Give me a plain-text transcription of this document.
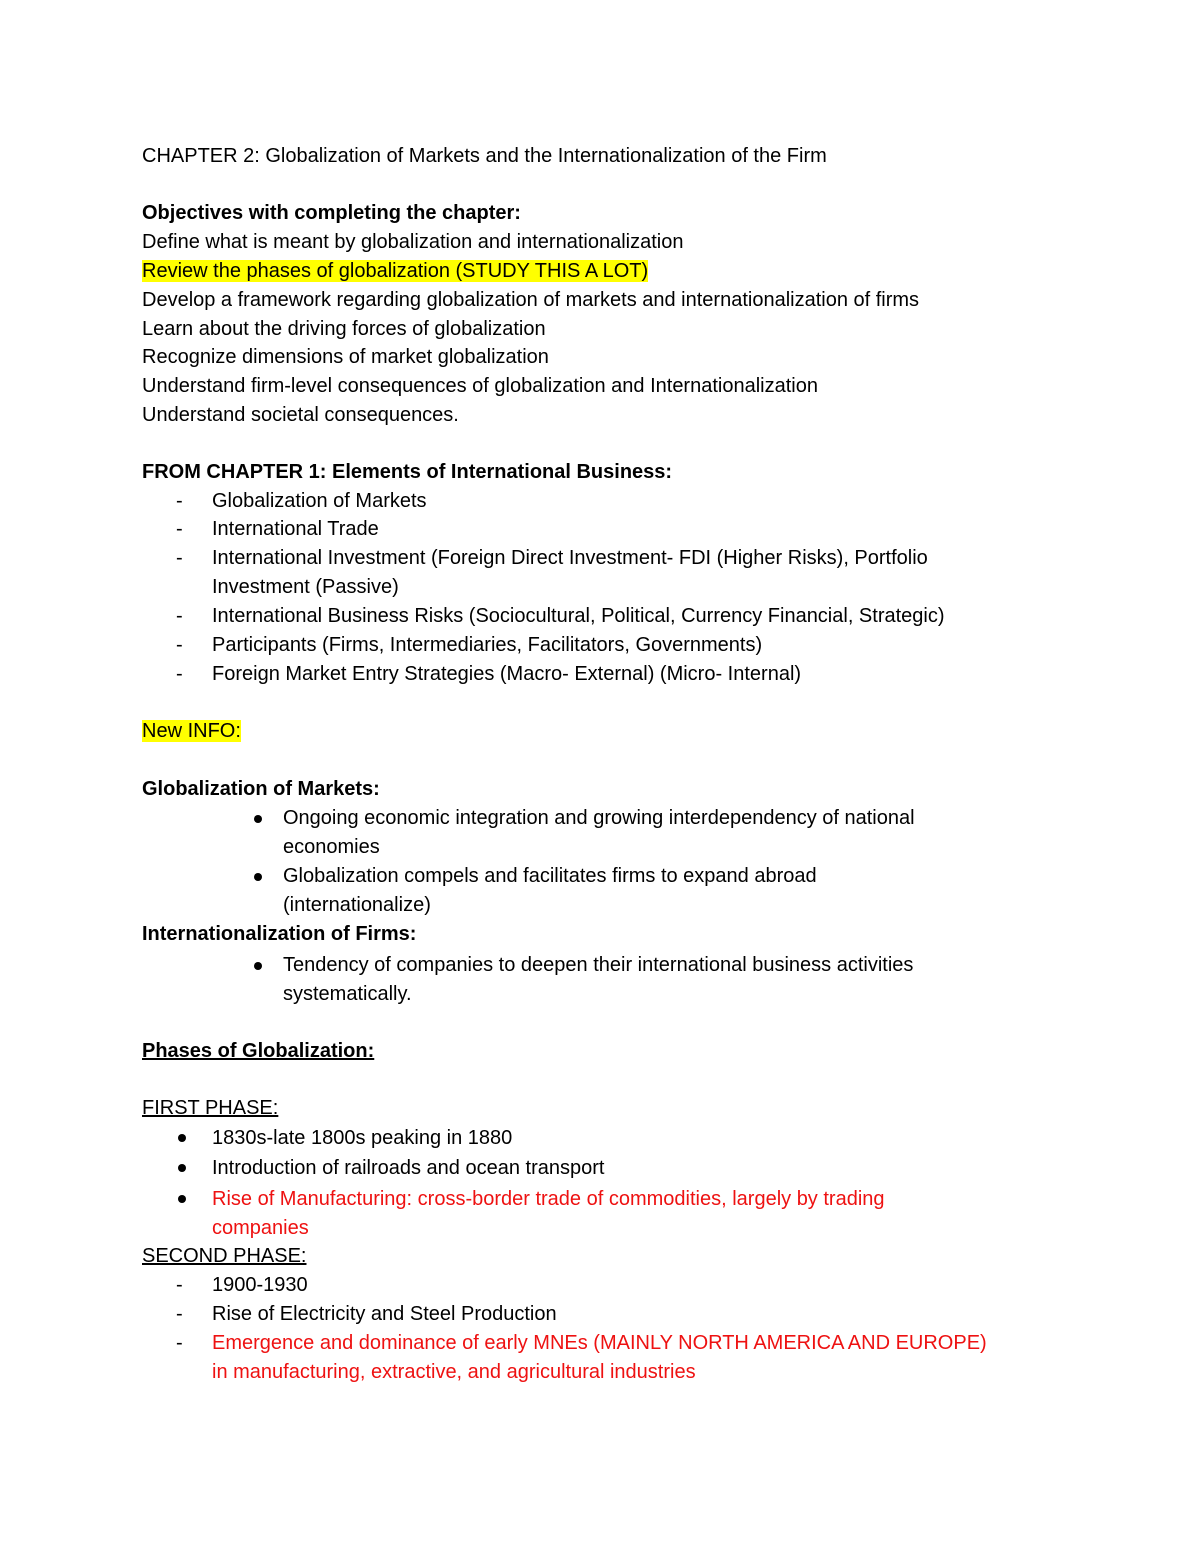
CHAPTER 2: Globalization of Markets and the Internationalization of the Firm
Objectives with completing the chapter:
Define what is meant by globalization and internationalization
Review the phases of globalization (STUDY THIS A LOT)
Develop a framework regarding globalization of markets and internationalization of firms
Learn about the driving forces of globalization
Recognize dimensions of market globalization
Understand firm-level consequences of globalization and Internationalization
Understand societal consequences.
FROM CHAPTER 1: Elements of International Business:
- Globalization of Markets
- International Trade
- International Investment (Foreign Direct Investment- FDI (Higher Risks), Portfolio
Investment (Passive)
- International Business Risks (Sociocultural, Political, Currency Financial, Strategic)
- Participants (Firms, Intermediaries, Facilitators, Governments)
- Foreign Market Entry Strategies (Macro- External) (Micro- Internal)
New INFO:
Globalization of Markets:
Ongoing economic integration and growing interdependency of national
economies
Globalization compels and facilitates firms to expand abroad
(internationalize)
Internationalization of Firms:
Tendency of companies to deepen their international business activities
systematically.
Phases of Globalization:
FIRST PHASE:
1830s-late 1800s peaking in 1880
Introduction of railroads and ocean transport
Rise of Manufacturing: cross-border trade of commodities, largely by trading
companies
SECOND PHASE:
- 1900-1930
- Rise of Electricity and Steel Production
- Emergence and dominance of early MNEs (MAINLY NORTH AMERICA AND EUROPE)
in manufacturing, extractive, and agricultural industries
